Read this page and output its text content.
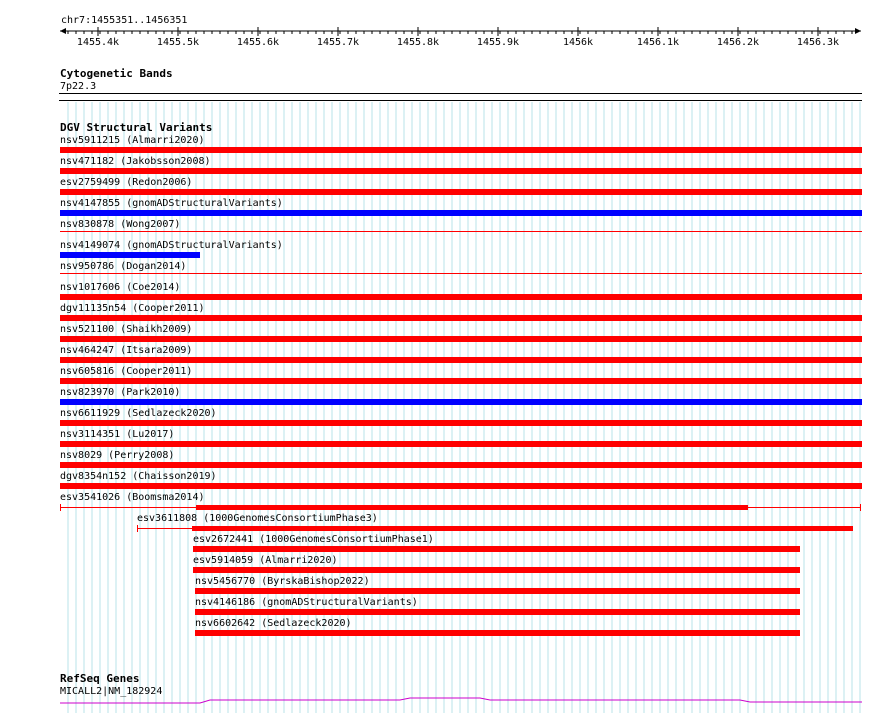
chr7:1455351..1456351
1455.4k	1455.5k	1455.6k	1455.7k	1455.8k	1455.9k	1456k	1456.1k	1456.2k	1456.3k
Cytogenetic Bands
7p22.3
DGV Structural Variants
nsv5911215 (Almarri2020)
nsv471182 (Jakobsson2008)
esv2759499 (Redon2006)
nsv4147855 (gnomADStructuralVariants)
nsv830878 (Wong2007)
nsv4149074 (gnomADStructuralVariants)
nsv950786 (Dogan2014)
nsv1017606 (Coe2014)
dgv11135n54 (Cooper2011)
nsv521100 (Shaikh2009)
nsv464247 (Itsara2009)
nsv605816 (Cooper2011)
nsv823970 (Park2010)
nsv6611929 (Sedlazeck2020)
nsv3114351 (Lu2017)
nsv8029 (Perry2008)
dgv8354n152 (Chaisson2019)
esv3541026 (Boomsma2014)
esv3611808 (1000GenomesConsortiumPhase3)
esv2672441 (1000GenomesConsortiumPhase1)
esv5914059 (Almarri2020)
nsv5456770 (ByrskaBishop2022)
nsv4146186 (gnomADStructuralVariants)
nsv6602642 (Sedlazeck2020)
RefSeq Genes
MICALL2|NM_182924
